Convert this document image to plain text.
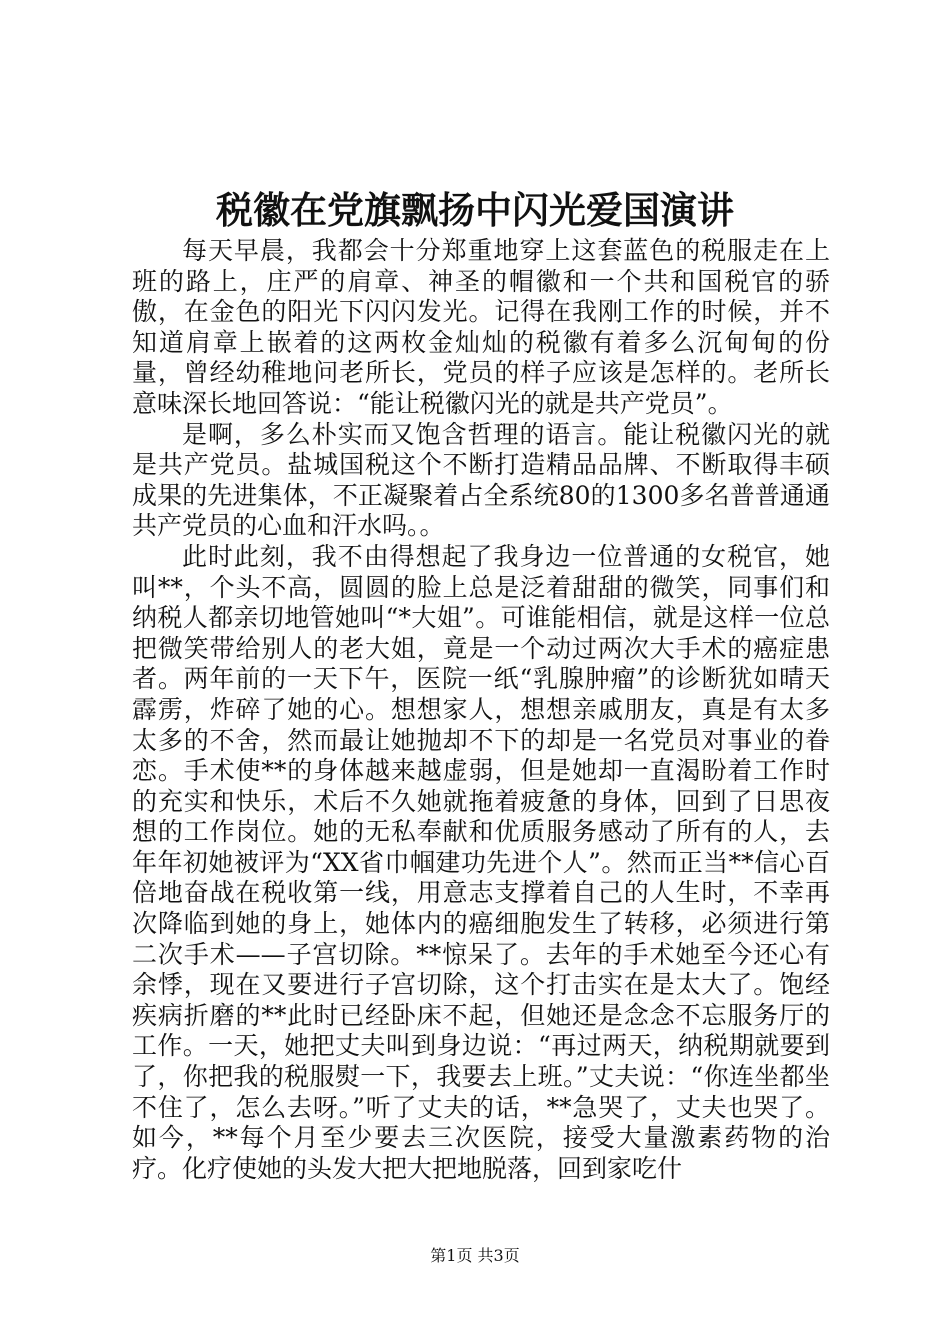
税徽在党旗飘扬中闪光爱国演讲

每天早晨，我都会十分郑重地穿上这套蓝色的税服走在上班的路上，庄严的肩章、神圣的帽徽和一个共和国税官的骄傲，在金色的阳光下闪闪发光。记得在我刚工作的时候，并不知道肩章上嵌着的这两枚金灿灿的税徽有着多么沉甸甸的份量，曾经幼稚地问老所长，党员的样子应该是怎样的。老所长意味深长地回答说：“能让税徽闪光的就是共产党员”。

是啊，多么朴实而又饱含哲理的语言。能让税徽闪光的就是共产党员。盐城国税这个不断打造精品品牌、不断取得丰硕成果的先进集体，不正凝聚着占全系统80的1300多名普普通通共产党员的心血和汗水吗。。

此时此刻，我不由得想起了我身边一位普通的女税官，她叫**，个头不高，圆圆的脸上总是泛着甜甜的微笑，同事们和纳税人都亲切地管她叫“*大姐”。可谁能相信，就是这样一位总把微笑带给别人的老大姐，竟是一个动过两次大手术的癌症患者。两年前的一天下午，医院一纸“乳腺肿瘤”的诊断犹如晴天霹雳，炸碎了她的心。想想家人，想想亲戚朋友，真是有太多太多的不舍，然而最让她抛却不下的却是一名党员对事业的眷恋。手术使**的身体越来越虚弱，但是她却一直渴盼着工作时的充实和快乐，术后不久她就拖着疲惫的身体，回到了日思夜想的工作岗位。她的无私奉献和优质服务感动了所有的人，去年年初她被评为“XX省巾帼建功先进个人”。然而正当**信心百倍地奋战在税收第一线，用意志支撑着自己的人生时，不幸再次降临到她的身上，她体内的癌细胞发生了转移，必须进行第二次手术——子宫切除。**惊呆了。去年的手术她至今还心有余悸，现在又要进行子宫切除，这个打击实在是太大了。饱经疾病折磨的**此时已经卧床不起，但她还是念念不忘服务厅的工作。一天，她把丈夫叫到身边说：“再过两天，纳税期就要到了，你把我的税服熨一下，我要去上班。”丈夫说：“你连坐都坐不住了，怎么去呀。”听了丈夫的话，**急哭了，丈夫也哭了。如今，**每个月至少要去三次医院，接受大量激素药物的治疗。化疗使她的头发大把大把地脱落，回到家吃什

第1页 共3页
